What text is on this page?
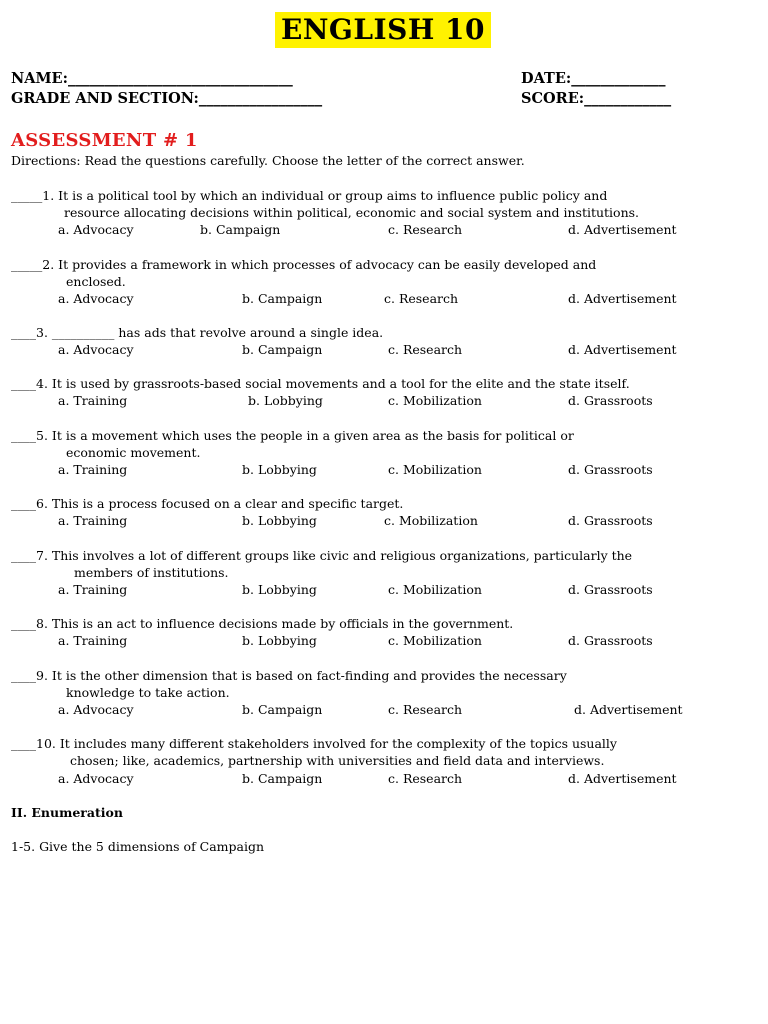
ENGLISH 10
NAME:_______________________________	DATE:_____________
GRADE AND SECTION:_________________	SCORE:____________
ASSESSMENT # 1
Directions: Read the questions carefully. Choose the letter of the correct answer.
_____1. It is a political tool by which an individual or group aims to influence public policy and
resource allocating decisions within political, economic and social system and institutions.
a. Advocacy	b. Campaign	c. Research	d. Advertisement
_____2. It provides a framework in which processes of advocacy can be easily developed and
enclosed.
a. Advocacy	b. Campaign	c. Research	d. Advertisement
____3. __________ has ads that revolve around a single idea.
a. Advocacy	b. Campaign	c. Research	d. Advertisement
____4. It is used by grassroots-based social movements and a tool for the elite and the state itself.
a. Training	b. Lobbying	c. Mobilization	d. Grassroots
____5. It is a movement which uses the people in a given area as the basis for political or
economic movement.
a. Training	b. Lobbying	c. Mobilization	d. Grassroots
____6. This is a process focused on a clear and specific target.
a. Training	b. Lobbying	c. Mobilization	d. Grassroots
____7. This involves a lot of different groups like civic and religious organizations, particularly the
members of institutions.
a. Training	b. Lobbying	c. Mobilization	d. Grassroots
____8. This is an act to influence decisions made by officials in the government.
a. Training	b. Lobbying	c. Mobilization	d. Grassroots
____9. It is the other dimension that is based on fact-finding and provides the necessary
knowledge to take action.
a. Advocacy	b. Campaign	c. Research	d. Advertisement
____10. It includes many different stakeholders involved for the complexity of the topics usually
chosen; like, academics, partnership with universities and field data and interviews.
a. Advocacy	b. Campaign	c. Research	d. Advertisement
II. Enumeration
1-5. Give the 5 dimensions of Campaign
